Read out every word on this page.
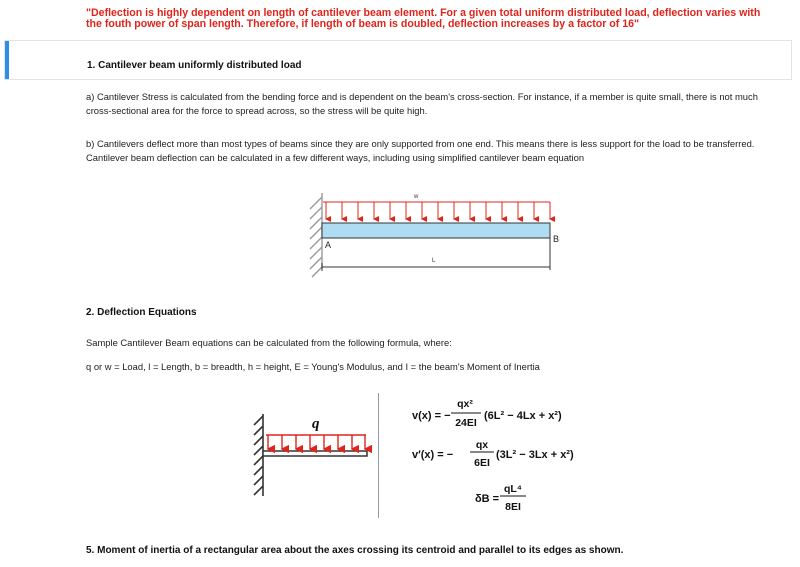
"Deflection is highly dependent on length of cantilever beam element. For a given total uniform distributed load, deflection varies with the fouth power of span length. Therefore, if length of beam is doubled, deflection increases by a factor of 16"
1. Cantilever beam uniformly distributed load
a) Cantilever Stress is calculated from the bending force and is dependent on the beam's cross-section. For instance, if a member is quite small, there is not much cross-sectional area for the force to spread across, so the stress will be quite high.
b) Cantilevers deflect more than most types of beams since they are only supported from one end. This means there is less support for the load to be transferred. Cantilever beam deflection can be calculated in a few different ways, including using simplified cantilever beam equation
w
A
B
L
2. Deflection Equations
Sample Cantilever Beam equations can be calculated from the following formula, where:
q or w = Load, l = Length, b = breadth, h = height, E = Young's Modulus, and I = the beam's Moment of Inertia
q	v(x) = −
qx²
24EI
(6L² − 4Lx + x²)
v′(x) = −
qx
6EI
(3L² − 3Lx + x²)
δB =
qL⁴
8EI
5. Moment of inertia of a rectangular area about the axes crossing its centroid and parallel to its edges as shown.
